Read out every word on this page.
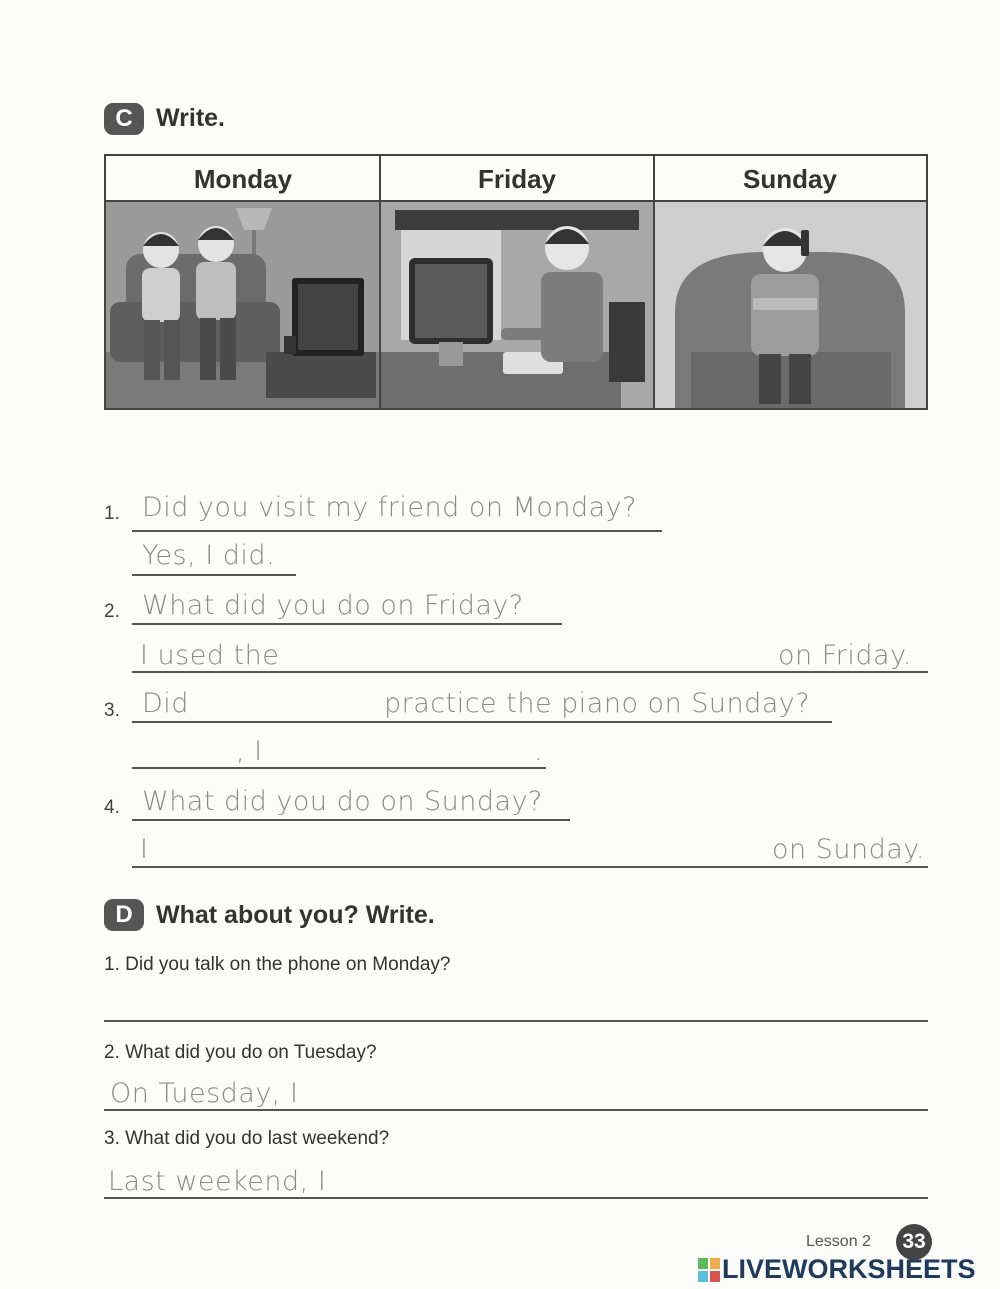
C Write.
Monday	Friday	Sunday
1. Did you visit my friend on Monday?
Yes, I did.
2. What did you do on Friday?
I used the	on Friday.
3. Did	practice the piano on Sunday?
, I	.
4. What did you do on Sunday?
I	on Sunday.
D What about you? Write.
1. Did you talk on the phone on Monday?
2. What did you do on Tuesday?
On Tuesday, I
3. What did you do last weekend?
Last weekend, I
Lesson 2	33
LIVEWORKSHEETS
